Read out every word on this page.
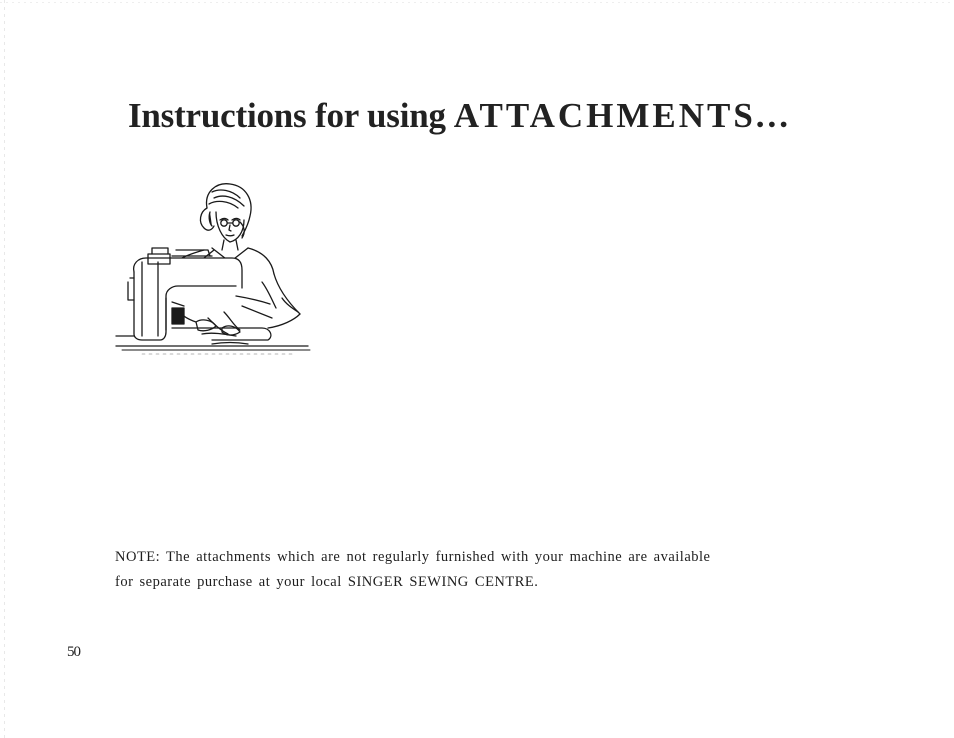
Instructions for using ATTACHMENTS...

NOTE: The attachments which are not regularly furnished with your machine are available
for separate purchase at your local SINGER SEWING CENTRE.

50
